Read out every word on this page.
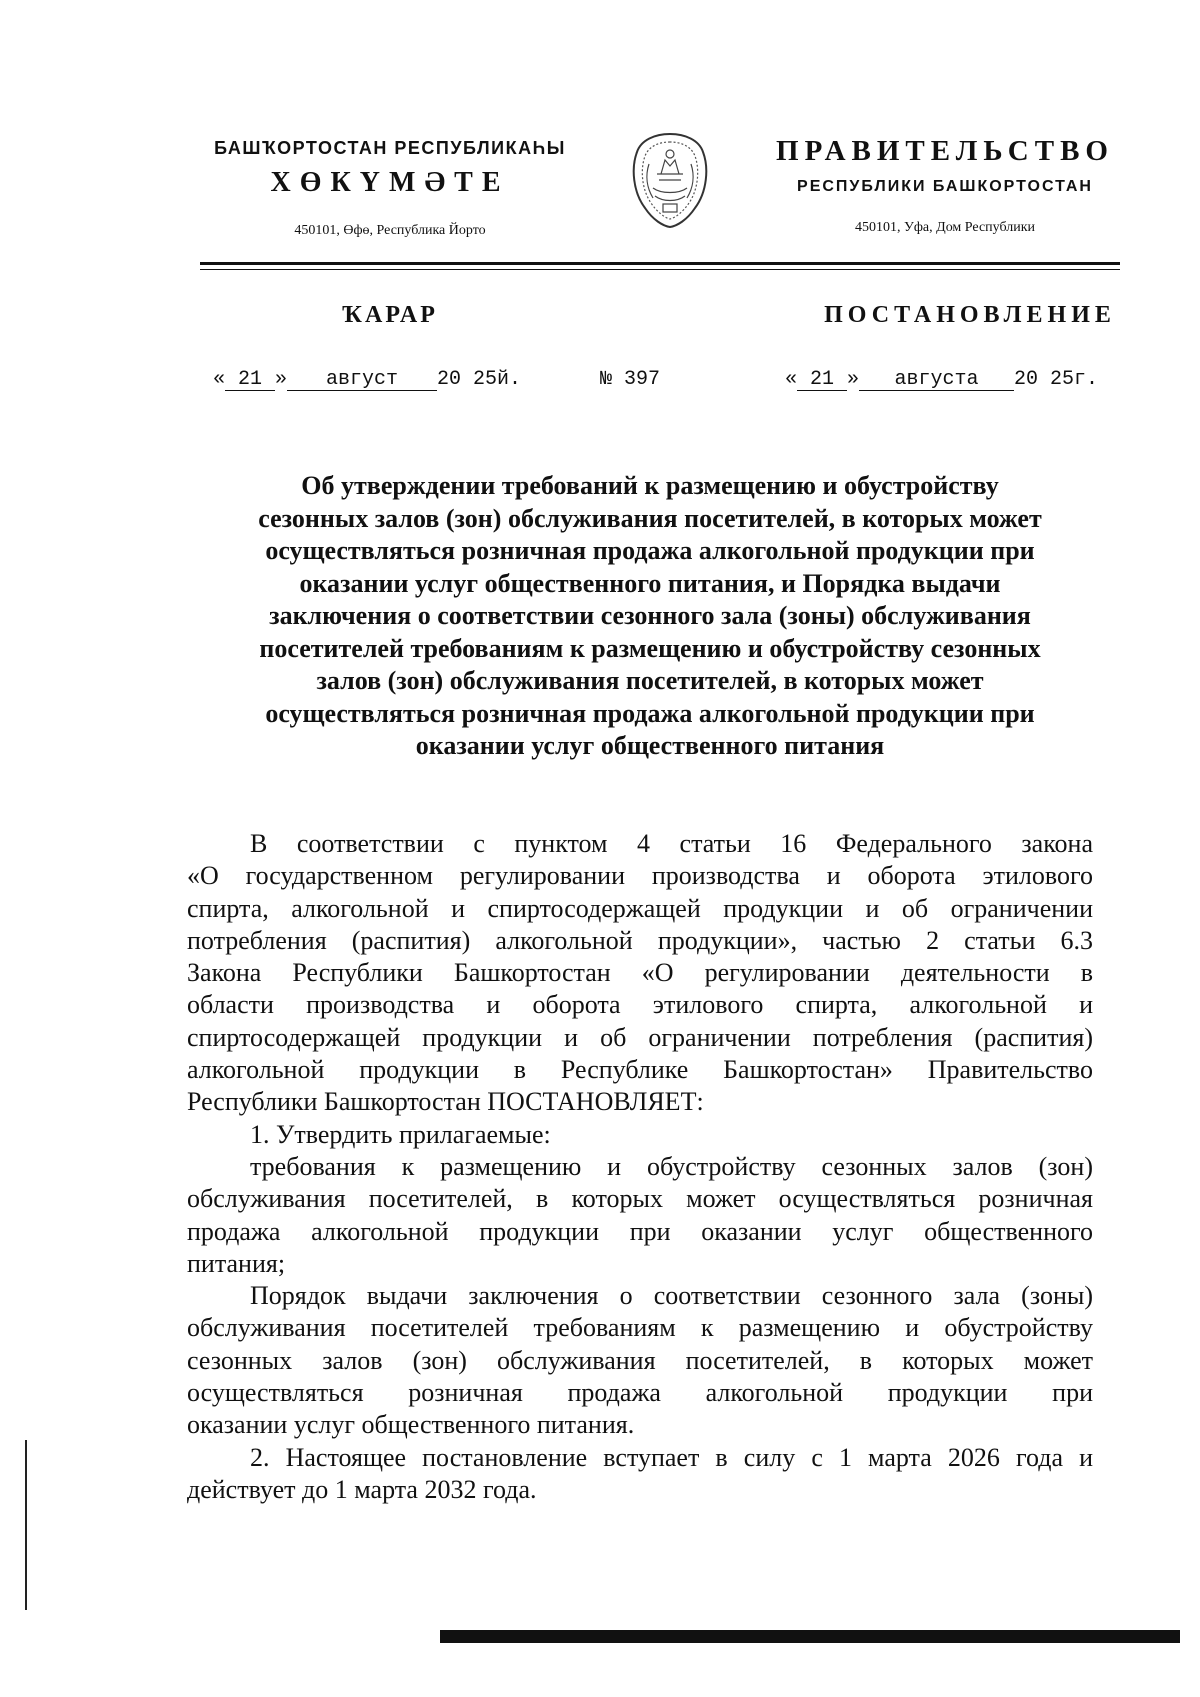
БАШҠОРТОСТАН РЕСПУБЛИКАҺЫ
ХӨКҮМӘТЕ
450101, Өфө, Республика Йорто
ПРАВИТЕЛЬСТВО
РЕСПУБЛИКИ БАШКОРТОСТАН
450101, Уфа, Дом Республики
ҠАРАР	ПОСТАНОВЛЕНИЕ
« 21 » август 20 25й.	№ 397	« 21 » августа 20 25г.
Об утверждении требований к размещению и обустройству
сезонных залов (зон) обслуживания посетителей, в которых может
осуществляться розничная продажа алкогольной продукции при
оказании услуг общественного питания, и Порядка выдачи
заключения о соответствии сезонного зала (зоны) обслуживания
посетителей требованиям к размещению и обустройству сезонных
залов (зон) обслуживания посетителей, в которых может
осуществляться розничная продажа алкогольной продукции при
оказании услуг общественного питания
В соответствии с пунктом 4 статьи 16 Федерального закона
«О государственном регулировании производства и оборота этилового
спирта, алкогольной и спиртосодержащей продукции и об ограничении
потребления (распития) алкогольной продукции», частью 2 статьи 6.3
Закона Республики Башкортостан «О регулировании деятельности в
области производства и оборота этилового спирта, алкогольной и
спиртосодержащей продукции и об ограничении потребления (распития)
алкогольной продукции в Республике Башкортостан» Правительство
Республики Башкортостан ПОСТАНОВЛЯЕТ:
1. Утвердить прилагаемые:
требования к размещению и обустройству сезонных залов (зон)
обслуживания посетителей, в которых может осуществляться розничная
продажа алкогольной продукции при оказании услуг общественного
питания;
Порядок выдачи заключения о соответствии сезонного зала (зоны)
обслуживания посетителей требованиям к размещению и обустройству
сезонных залов (зон) обслуживания посетителей, в которых может
осуществляться розничная продажа алкогольной продукции при
оказании услуг общественного питания.
2. Настоящее постановление вступает в силу с 1 марта 2026 года и
действует до 1 марта 2032 года.
